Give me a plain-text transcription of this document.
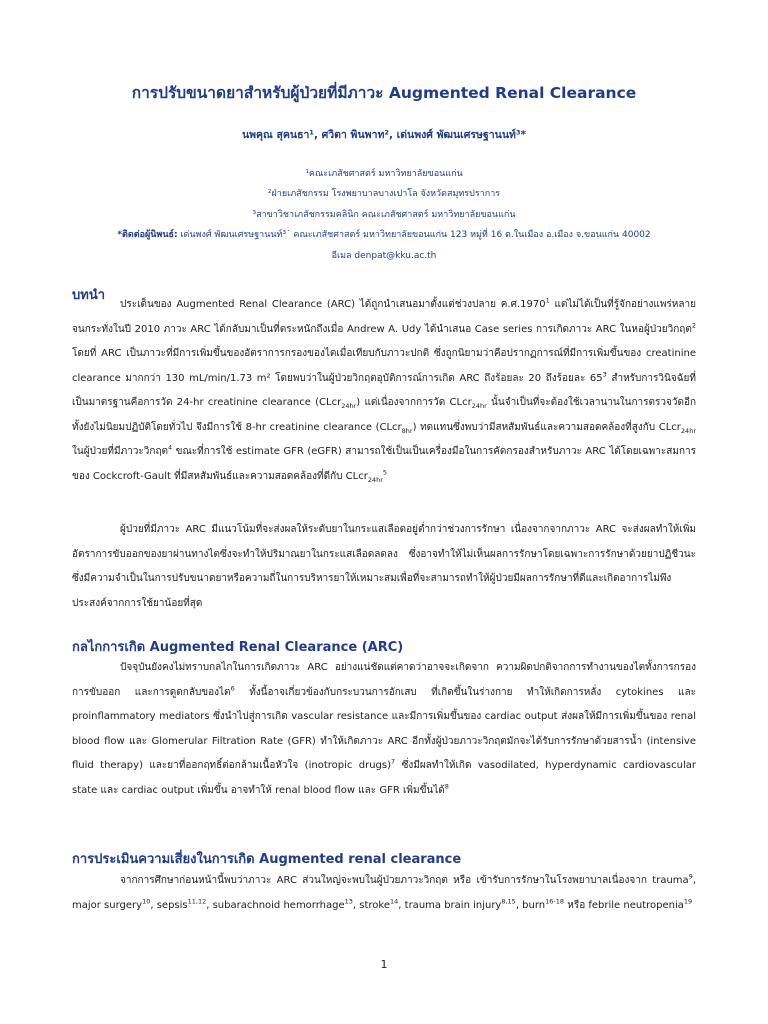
การปรับขนาดยาสำหรับผู้ป่วยที่มีภาวะ Augmented Renal Clearance
นพคุณ สุคนธา¹, ศวิตา พินพาท², เด่นพงศ์ พัฒนเศรษฐานนท์³*
¹คณะเภสัชศาสตร์ มหาวิทยาลัยขอนแก่น
²ฝ่ายเภสัชกรรม โรงพยาบาลบางเปาโล จังหวัดสมุทรปราการ
³สาขาวิชาเภสัชกรรมคลินิก คณะเภสัชศาสตร์ มหาวิทยาลัยขอนแก่น
*ติดต่อผู้นิพนธ์: เด่นพงศ์ พัฒนเศรษฐานนท์³˙ คณะเภสัชศาสตร์ มหาวิทยาลัยขอนแก่น 123 หมู่ที่ 16 ต.ในเมือง อ.เมือง จ.ขอนแก่น 40002
อีเมล denpat@kku.ac.th
บทนำ

ประเด็นของ Augmented Renal Clearance (ARC) ได้ถูกนำเสนอมาตั้งแต่ช่วงปลาย ค.ศ.1970$^1$ แต่ไม่ได้เป็นที่รู้จักอย่างแพร่หลาย จนกระทั่งในปี 2010 ภาวะ ARC ได้กลับมาเป็นที่ตระหนักถึงเมื่อ Andrew A. Udy ได้นำเสนอ Case series การเกิดภาวะ ARC ในหอผู้ป่วยวิกฤต$^2$ โดยที่ ARC เป็นภาวะที่มีการเพิ่มขึ้นของอัตราการกรองของไตเมื่อเทียบกับภาวะปกติ ซึ่งถูกนิยามว่าคือปรากฏการณ์ที่มีการเพิ่มขึ้นของ creatinine clearance มากกว่า 130 mL/min/1.73 m² โดยพบว่าในผู้ป่วยวิกฤตอุบัติการณ์การเกิด ARC ถึงร้อยละ 20 ถึงร้อยละ $65^3$ สำหรับการวินิจฉัยที่เป็นมาตรฐานคือการวัด 24-hr creatinine clearance (CLcr$_{24hr}$) แต่เนื่องจากการวัด CLcr$_{24hr}$ นั้นจำเป็นที่จะต้องใช้เวลานานในการตรวจวัดอีกทั้งยังไม่นิยมปฏิบัติโดยทั่วไป จึงมีการใช้ 8-hr creatinine clearance (CLcr$_{8hr}$) ทดแทนซึ่งพบว่ามีสหสัมพันธ์และความสอดคล้องที่สูงกับ CLcr$_{24hr}$ ในผู้ป่วยที่มีภาวะวิกฤต$^4$ ขณะที่การใช้ estimate GFR (eGFR) สามารถใช้เป็นเป็นเครื่องมือในการคัดกรองสำหรับภาวะ ARC ได้โดยเฉพาะสมการของ Cockcroft-Gault ที่มีสหสัมพันธ์และความสอดคล้องที่ดีกับ CLcr$_{24hr}^5$

ผู้ป่วยที่มีภาวะ ARC มีแนวโน้มที่จะส่งผลให้ระดับยาในกระแสเลือดอยู่ต่ำกว่าช่วงการรักษา เนื่องจากจากภาวะ ARC จะส่งผลทำให้เพิ่มอัตราการขับออกของยาผ่านทางไตซึ่งจะทำให้ปริมาณยาในกระแสเลือดลดลง ซึ่งอาจทำให้ไม่เห็นผลการรักษาโดยเฉพาะการรักษาด้วยยาปฏิชีวนะ ซึ่งมีความจำเป็นในการปรับขนาดยาหรือความถี่ในการบริหารยาให้เหมาะสมเพื่อที่จะสามารถทำให้ผู้ป่วยมีผลการรักษาที่ดีและเกิดอาการไม่พึงประสงค์จากการใช้ยาน้อยที่สุด

กลไกการเกิด Augmented Renal Clearance (ARC)

ปัจจุบันยังคงไม่ทราบกลไกในการเกิดภาวะ ARC อย่างแน่ชัดแต่คาดว่าอาจจะเกิดจาก ความผิดปกติจากการทำงานของไตทั้งการกรอง การขับออก และการดูดกลับของไต$^6$ ทั้งนี้อาจเกี่ยวข้องกับกระบวนการอักเสบ ที่เกิดขึ้นในร่างกาย ทำให้เกิดการหลั่ง cytokines และ proinflammatory mediators ซึ่งนำไปสู่การเกิด vascular resistance และมีการเพิ่มขึ้นของ cardiac output ส่งผลให้มีการเพิ่มขึ้นของ renal blood flow และ Glomerular Filtration Rate (GFR) ทำให้เกิดภาวะ ARC อีกทั้งผู้ป่วยภาวะวิกฤตมักจะได้รับการรักษาด้วยสารน้ำ (intensive fluid therapy) และยาที่ออกฤทธิ์ต่อกล้ามเนื้อหัวใจ (inotropic drugs)$^7$ ซึ่งมีผลทำให้เกิด vasodilated, hyperdynamic cardiovascular state และ cardiac output เพิ่มขึ้น อาจทำให้ renal blood flow และ GFR เพิ่มขึ้นได้$^8$

การประเมินความเสี่ยงในการเกิด Augmented renal clearance

จากการศึกษาก่อนหน้านี้พบว่าภาวะ ARC ส่วนใหญ่จะพบในผู้ป่วยภาวะวิกฤต หรือ เข้ารับการรักษาในโรงพยาบาลเนื่องจาก trauma$^9$, major surgery$^{10}$, sepsis$^{11,12}$, subarachnoid hemorrhage$^{13}$, stroke$^{14}$, trauma brain injury$^{8,15}$, burn$^{16-18}$ หรือ febrile neutropenia$^{19}$

1
